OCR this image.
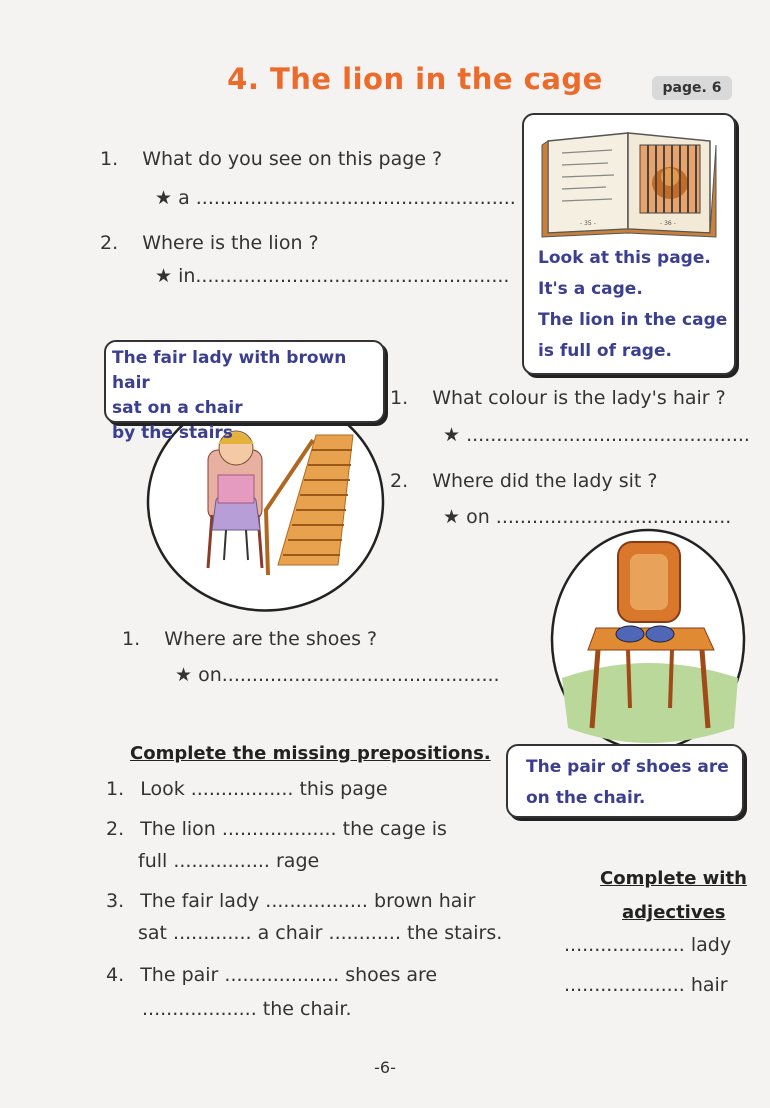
4. The lion in the cage	page. 6
1. What do you see on this page ?
★ a .....................................................
2. Where is the lion ?
★ in....................................................
- 35 -	- 36 -
Look at this page.
It's a cage.
The lion in the cage
is full of rage.
The fair lady with brown hair
sat on a chair
by the stairs
1. What colour is the lady's hair ?
★ ...............................................
2. Where did the lady sit ?
★ on .......................................
1. Where are the shoes ?
★ on..............................................
The pair of shoes are
on the chair.
Complete the missing prepositions.
1. Look ................. this page
2. The lion ................... the cage is
full ................ rage
3. The fair lady ................. brown hair
sat ............. a chair ............ the stairs.
4. The pair ................... shoes are
................... the chair.
Complete with
adjectives
.................... lady
.................... hair
-6-
